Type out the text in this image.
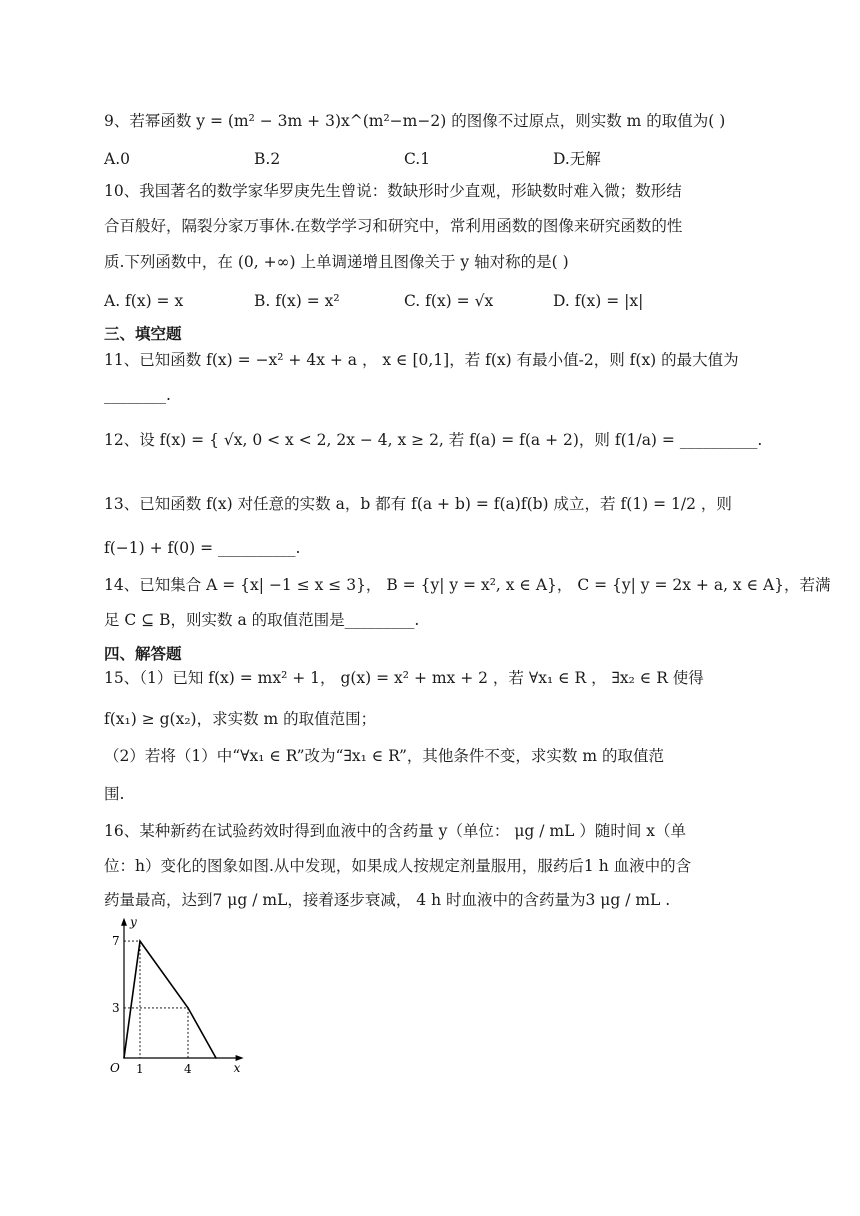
9、若幂函数 y = (m² − 3m + 3)x^(m²−m−2) 的图像不过原点，则实数 m 的取值为( )
A.0	B.2	C.1	D.无解
10、我国著名的数学家华罗庚先生曾说：数缺形时少直观，形缺数时难入微；数形结
合百般好，隔裂分家万事休.在数学学习和研究中，常利用函数的图像来研究函数的性
质.下列函数中，在 (0, +∞) 上单调递增且图像关于 y 轴对称的是( )
A. f(x) = x	B. f(x) = x²	C. f(x) = √x	D. f(x) = |x|
三、填空题
11、已知函数 f(x) = −x² + 4x + a ， x ∈ [0,1]，若 f(x) 有最小值-2，则 f(x) 的最大值为
________.
12、设 f(x) = { √x, 0 < x < 2, 2x − 4, x ≥ 2, 若 f(a) = f(a + 2)，则 f(1/a) = __________.
13、已知函数 f(x) 对任意的实数 a，b 都有 f(a + b) = f(a)f(b) 成立，若 f(1) = 1/2 ，则
f(−1) + f(0) = __________.
14、已知集合 A = {x| −1 ≤ x ≤ 3}， B = {y| y = x², x ∈ A}， C = {y| y = 2x + a, x ∈ A}，若满
足 C ⊆ B，则实数 a 的取值范围是_________.
四、解答题
15、（1）已知 f(x) = mx² + 1， g(x) = x² + mx + 2 ，若 ∀x₁ ∈ R ， ∃x₂ ∈ R 使得
f(x₁) ≥ g(x₂)，求实数 m 的取值范围；
（2）若将（1）中“∀x₁ ∈ R”改为“∃x₁ ∈ R”，其他条件不变，求实数 m 的取值范
围.
16、某种新药在试验药效时得到血液中的含药量 y（单位： μg / mL ）随时间 x（单
位：h）变化的图象如图.从中发现，如果成人按规定剂量服用，服药后1 h 血液中的含
药量最高，达到7 μg / mL，接着逐步衰减， 4 h 时血液中的含药量为3 μg / mL .
7
3
1	4
O	x
y
